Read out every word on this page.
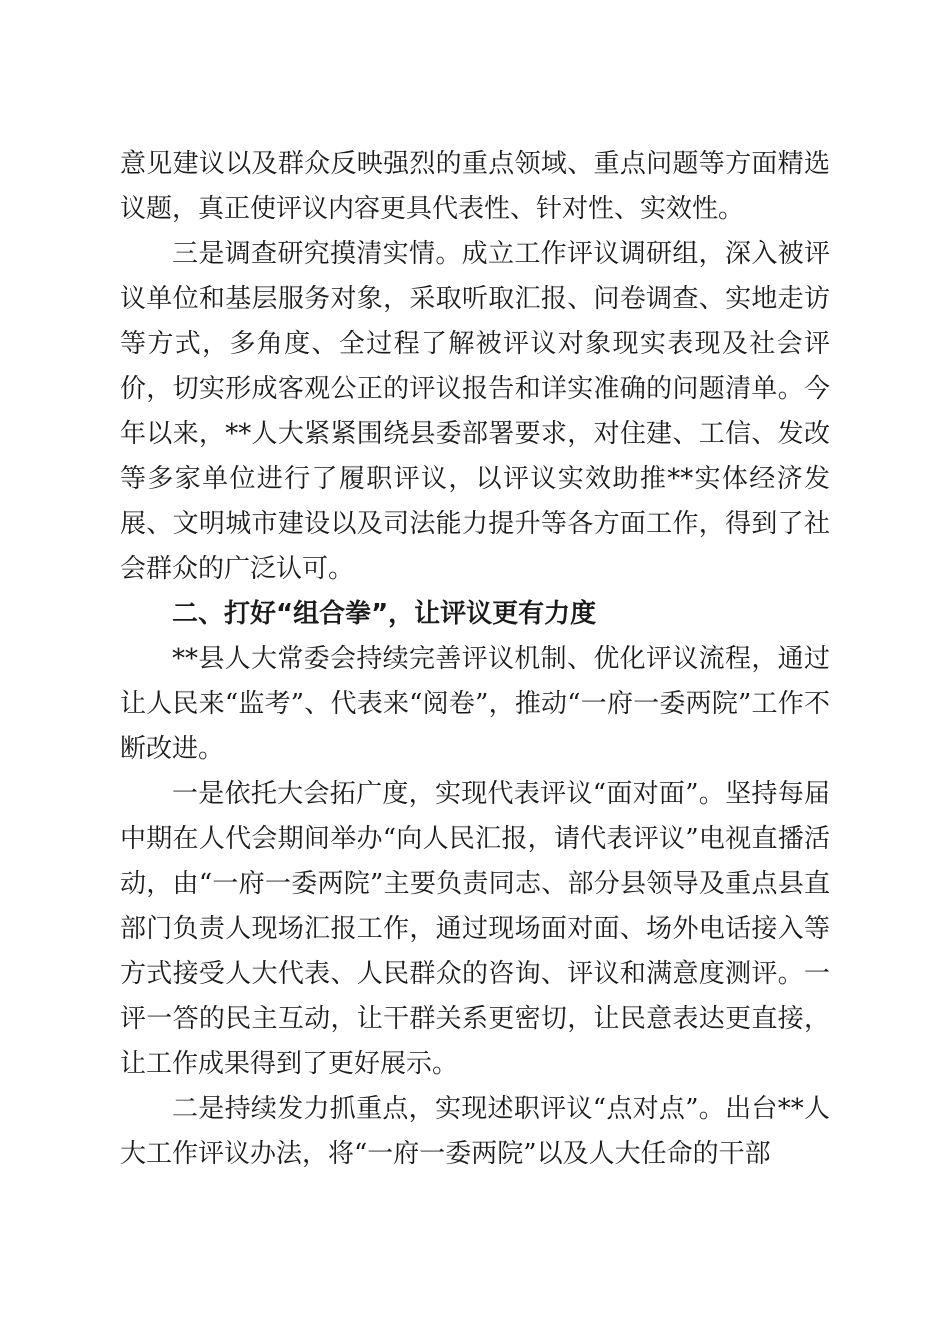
意见建议以及群众反映强烈的重点领域、重点问题等方面精选议题，真正使评议内容更具代表性、针对性、实效性。

三是调查研究摸清实情。成立工作评议调研组，深入被评议单位和基层服务对象，采取听取汇报、问卷调查、实地走访等方式，多角度、全过程了解被评议对象现实表现及社会评价，切实形成客观公正的评议报告和详实准确的问题清单。今年以来，**人大紧紧围绕县委部署要求，对住建、工信、发改等多家单位进行了履职评议，以评议实效助推**实体经济发展、文明城市建设以及司法能力提升等各方面工作，得到了社会群众的广泛认可。

二、打好“组合拳”，让评议更有力度

**县人大常委会持续完善评议机制、优化评议流程，通过让人民来“监考”、代表来“阅卷”，推动“一府一委两院”工作不断改进。

一是依托大会拓广度，实现代表评议“面对面”。坚持每届中期在人代会期间举办“向人民汇报，请代表评议”电视直播活动，由“一府一委两院”主要负责同志、部分县领导及重点县直部门负责人现场汇报工作，通过现场面对面、场外电话接入等方式接受人大代表、人民群众的咨询、评议和满意度测评。一评一答的民主互动，让干群关系更密切，让民意表达更直接，让工作成果得到了更好展示。

二是持续发力抓重点，实现述职评议“点对点”。出台**人大工作评议办法，将“一府一委两院”以及人大任命的干部
